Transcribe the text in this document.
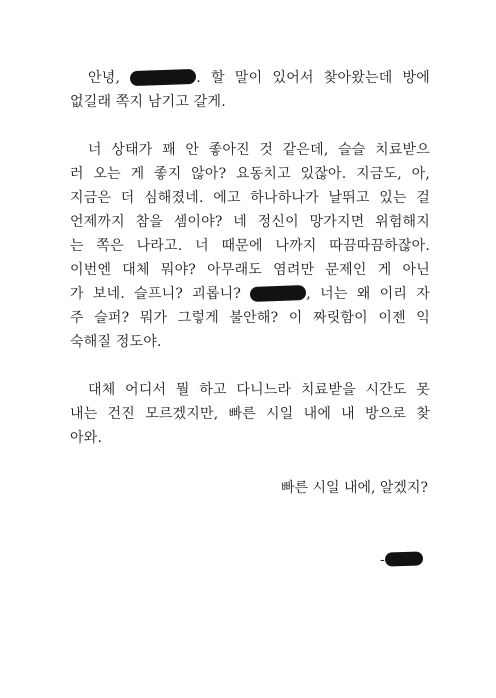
안녕,	. 할 말이 있어서 찾아왔는데 방에
없길래 쪽지 남기고 갈게.

너 상태가 꽤 안 좋아진 것 같은데, 슬슬 치료받으
러 오는 게 좋지 않아? 요동치고 있잖아. 지금도, 아,
지금은 더 심해졌네. 에고 하나하나가 날뛰고 있는 걸
언제까지 참을 셈이야? 네 정신이 망가지면 위험해지
는 쪽은 나라고. 너 때문에 나까지 따끔따끔하잖아.
이번엔 대체 뭐야? 아무래도 염려만 문제인 게 아닌
가 보네. 슬프니? 괴롭니?	, 너는 왜 이리 자
주 슬퍼? 뭐가 그렇게 불안해? 이 짜릿함이 이젠 익
숙해질 정도야.

대체 어디서 뭘 하고 다니느라 치료받을 시간도 못
내는 건진 모르겠지만, 빠른 시일 내에 내 방으로 찾
아와.

빠른 시일 내에, 알겠지?

-
